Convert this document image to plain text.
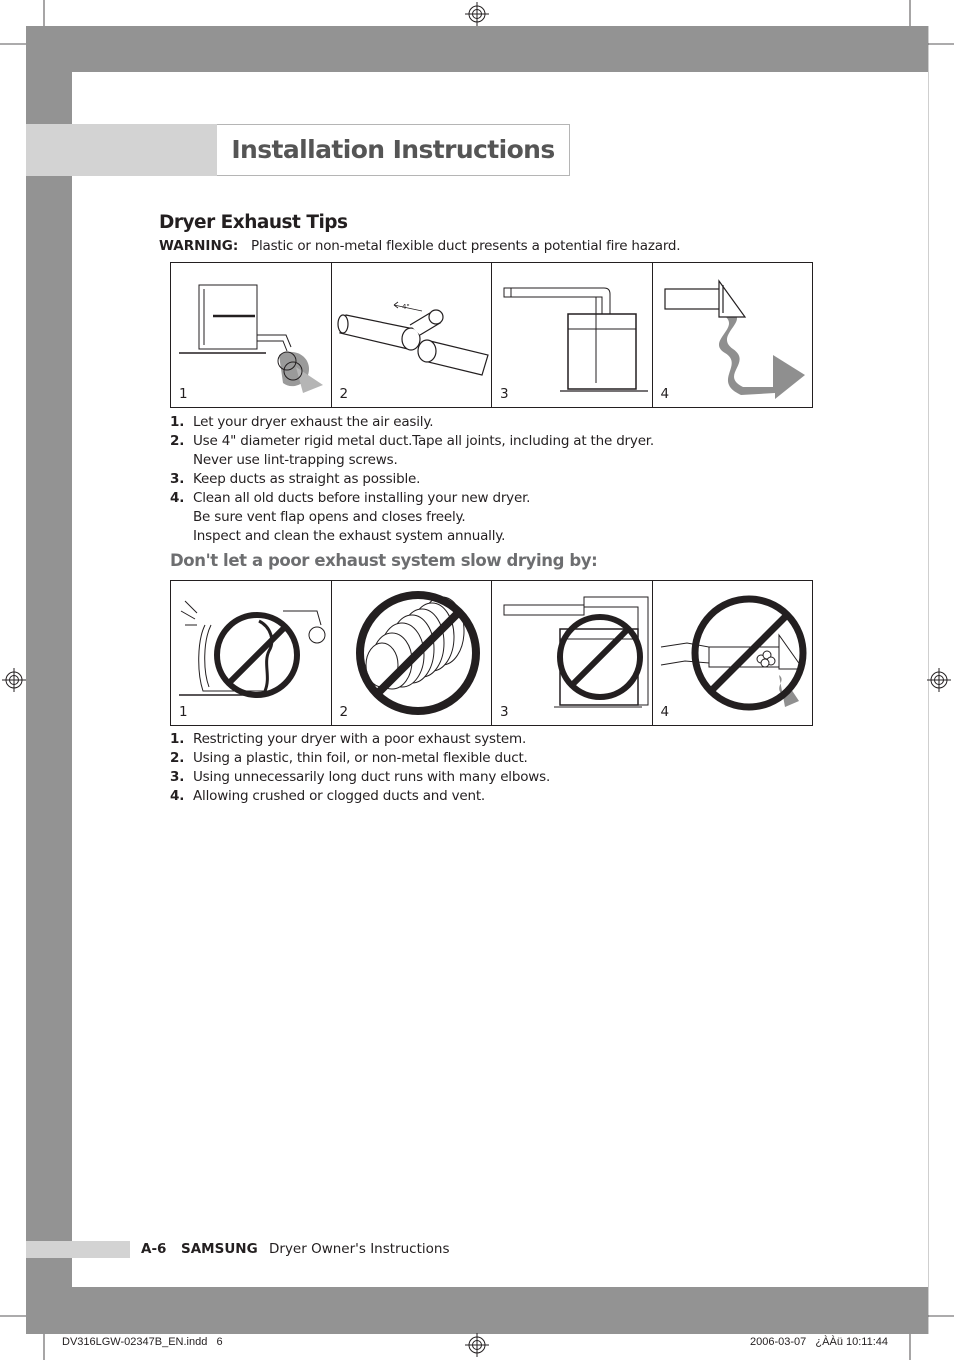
Installation Instructions
Dryer Exhaust Tips
WARNING: Plastic or non-metal flexible duct presents a potential fire hazard.
1
4"
2	3	4
1. Let your dryer exhaust the air easily.
2. Use 4" diameter rigid metal duct.Tape all joints, including at the dryer.
Never use lint-trapping screws.
3. Keep ducts as straight as possible.
4. Clean all old ducts before installing your new dryer.
Be sure vent flap opens and closes freely.
Inspect and clean the exhaust system annually.
Don't let a poor exhaust system slow drying by:
1	2	3	4
1. Restricting your dryer with a poor exhaust system.
2. Using a plastic, thin foil, or non-metal flexible duct.
3. Using unnecessarily long duct runs with many elbows.
4. Allowing crushed or clogged ducts and vent.
A-6 SAMSUNG Dryer Owner's Instructions
DV316LGW-02347B_EN.indd   6	2006-03-07   ¿ÀÀü 10:11:44
